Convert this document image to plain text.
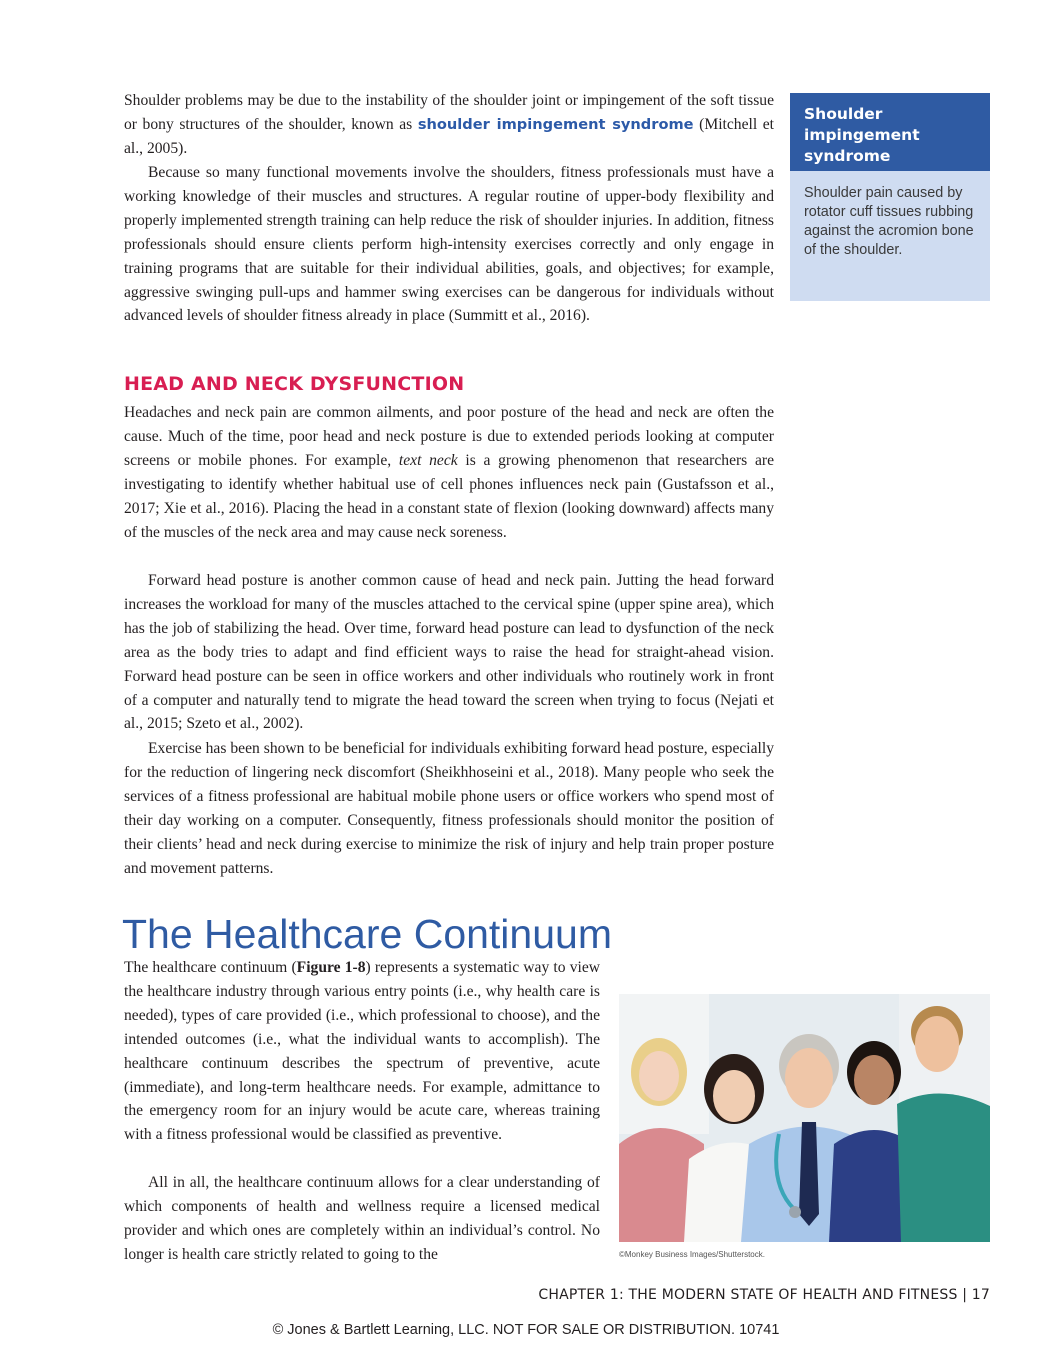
Shoulder problems may be due to the instability of the shoulder joint or impingement of the soft tissue or bony structures of the shoulder, known as shoulder impingement syndrome (Mitchell et al., 2005).

Because so many functional movements involve the shoulders, fitness professionals must have a working knowledge of their muscles and structures. A regular routine of upper-body flexibility and properly implemented strength training can help reduce the risk of shoulder injuries. In addition, fitness professionals should ensure clients perform high-intensity exercises correctly and only engage in training programs that are suitable for their individual abilities, goals, and objectives; for example, aggressive swinging pull-ups and hammer swing exercises can be dangerous for individuals without advanced levels of shoulder fitness already in place (Summitt et al., 2016).

Shoulder impingement syndrome
Shoulder pain caused by rotator cuff tissues rubbing against the acromion bone of the shoulder.
HEAD AND NECK DYSFUNCTION

Headaches and neck pain are common ailments, and poor posture of the head and neck are often the cause. Much of the time, poor head and neck posture is due to extended periods looking at computer screens or mobile phones. For example, text neck is a growing phenomenon that researchers are investigating to identify whether habitual use of cell phones influences neck pain (Gustafsson et al., 2017; Xie et al., 2016). Placing the head in a constant state of flexion (looking downward) affects many of the muscles of the neck area and may cause neck soreness.

Forward head posture is another common cause of head and neck pain. Jutting the head forward increases the workload for many of the muscles attached to the cervical spine (upper spine area), which has the job of stabilizing the head. Over time, forward head posture can lead to dysfunction of the neck area as the body tries to adapt and find efficient ways to raise the head for straight-ahead vision. Forward head posture can be seen in office workers and other individuals who routinely work in front of a computer and naturally tend to migrate the head toward the screen when trying to focus (Nejati et al., 2015; Szeto et al., 2002).

Exercise has been shown to be beneficial for individuals exhibiting forward head posture, especially for the reduction of lingering neck discomfort (Sheikhhoseini et al., 2018). Many people who seek the services of a fitness professional are habitual mobile phone users or office workers who spend most of their day working on a computer. Consequently, fitness professionals should monitor the position of their clients’ head and neck during exercise to minimize the risk of injury and help train proper posture and movement patterns.

The Healthcare Continuum

The healthcare continuum (Figure 1-8) represents a systematic way to view the healthcare industry through various entry points (i.e., why health care is needed), types of care provided (i.e., which professional to choose), and the intended outcomes (i.e., what the individual wants to accomplish). The healthcare continuum describes the spectrum of preventive, acute (immediate), and long-term healthcare needs. For example, admittance to the emergency room for an injury would be acute care, whereas training with a fitness professional would be classified as preventive.

All in all, the healthcare continuum allows for a clear understanding of which components of health and wellness require a licensed medical provider and which ones are completely within an individual’s control. No longer is health care strictly related to going to the	©Monkey Business Images/Shutterstock.

CHAPTER 1: THE MODERN STATE OF HEALTH AND FITNESS | 17

© Jones & Bartlett Learning, LLC. NOT FOR SALE OR DISTRIBUTION. 10741
